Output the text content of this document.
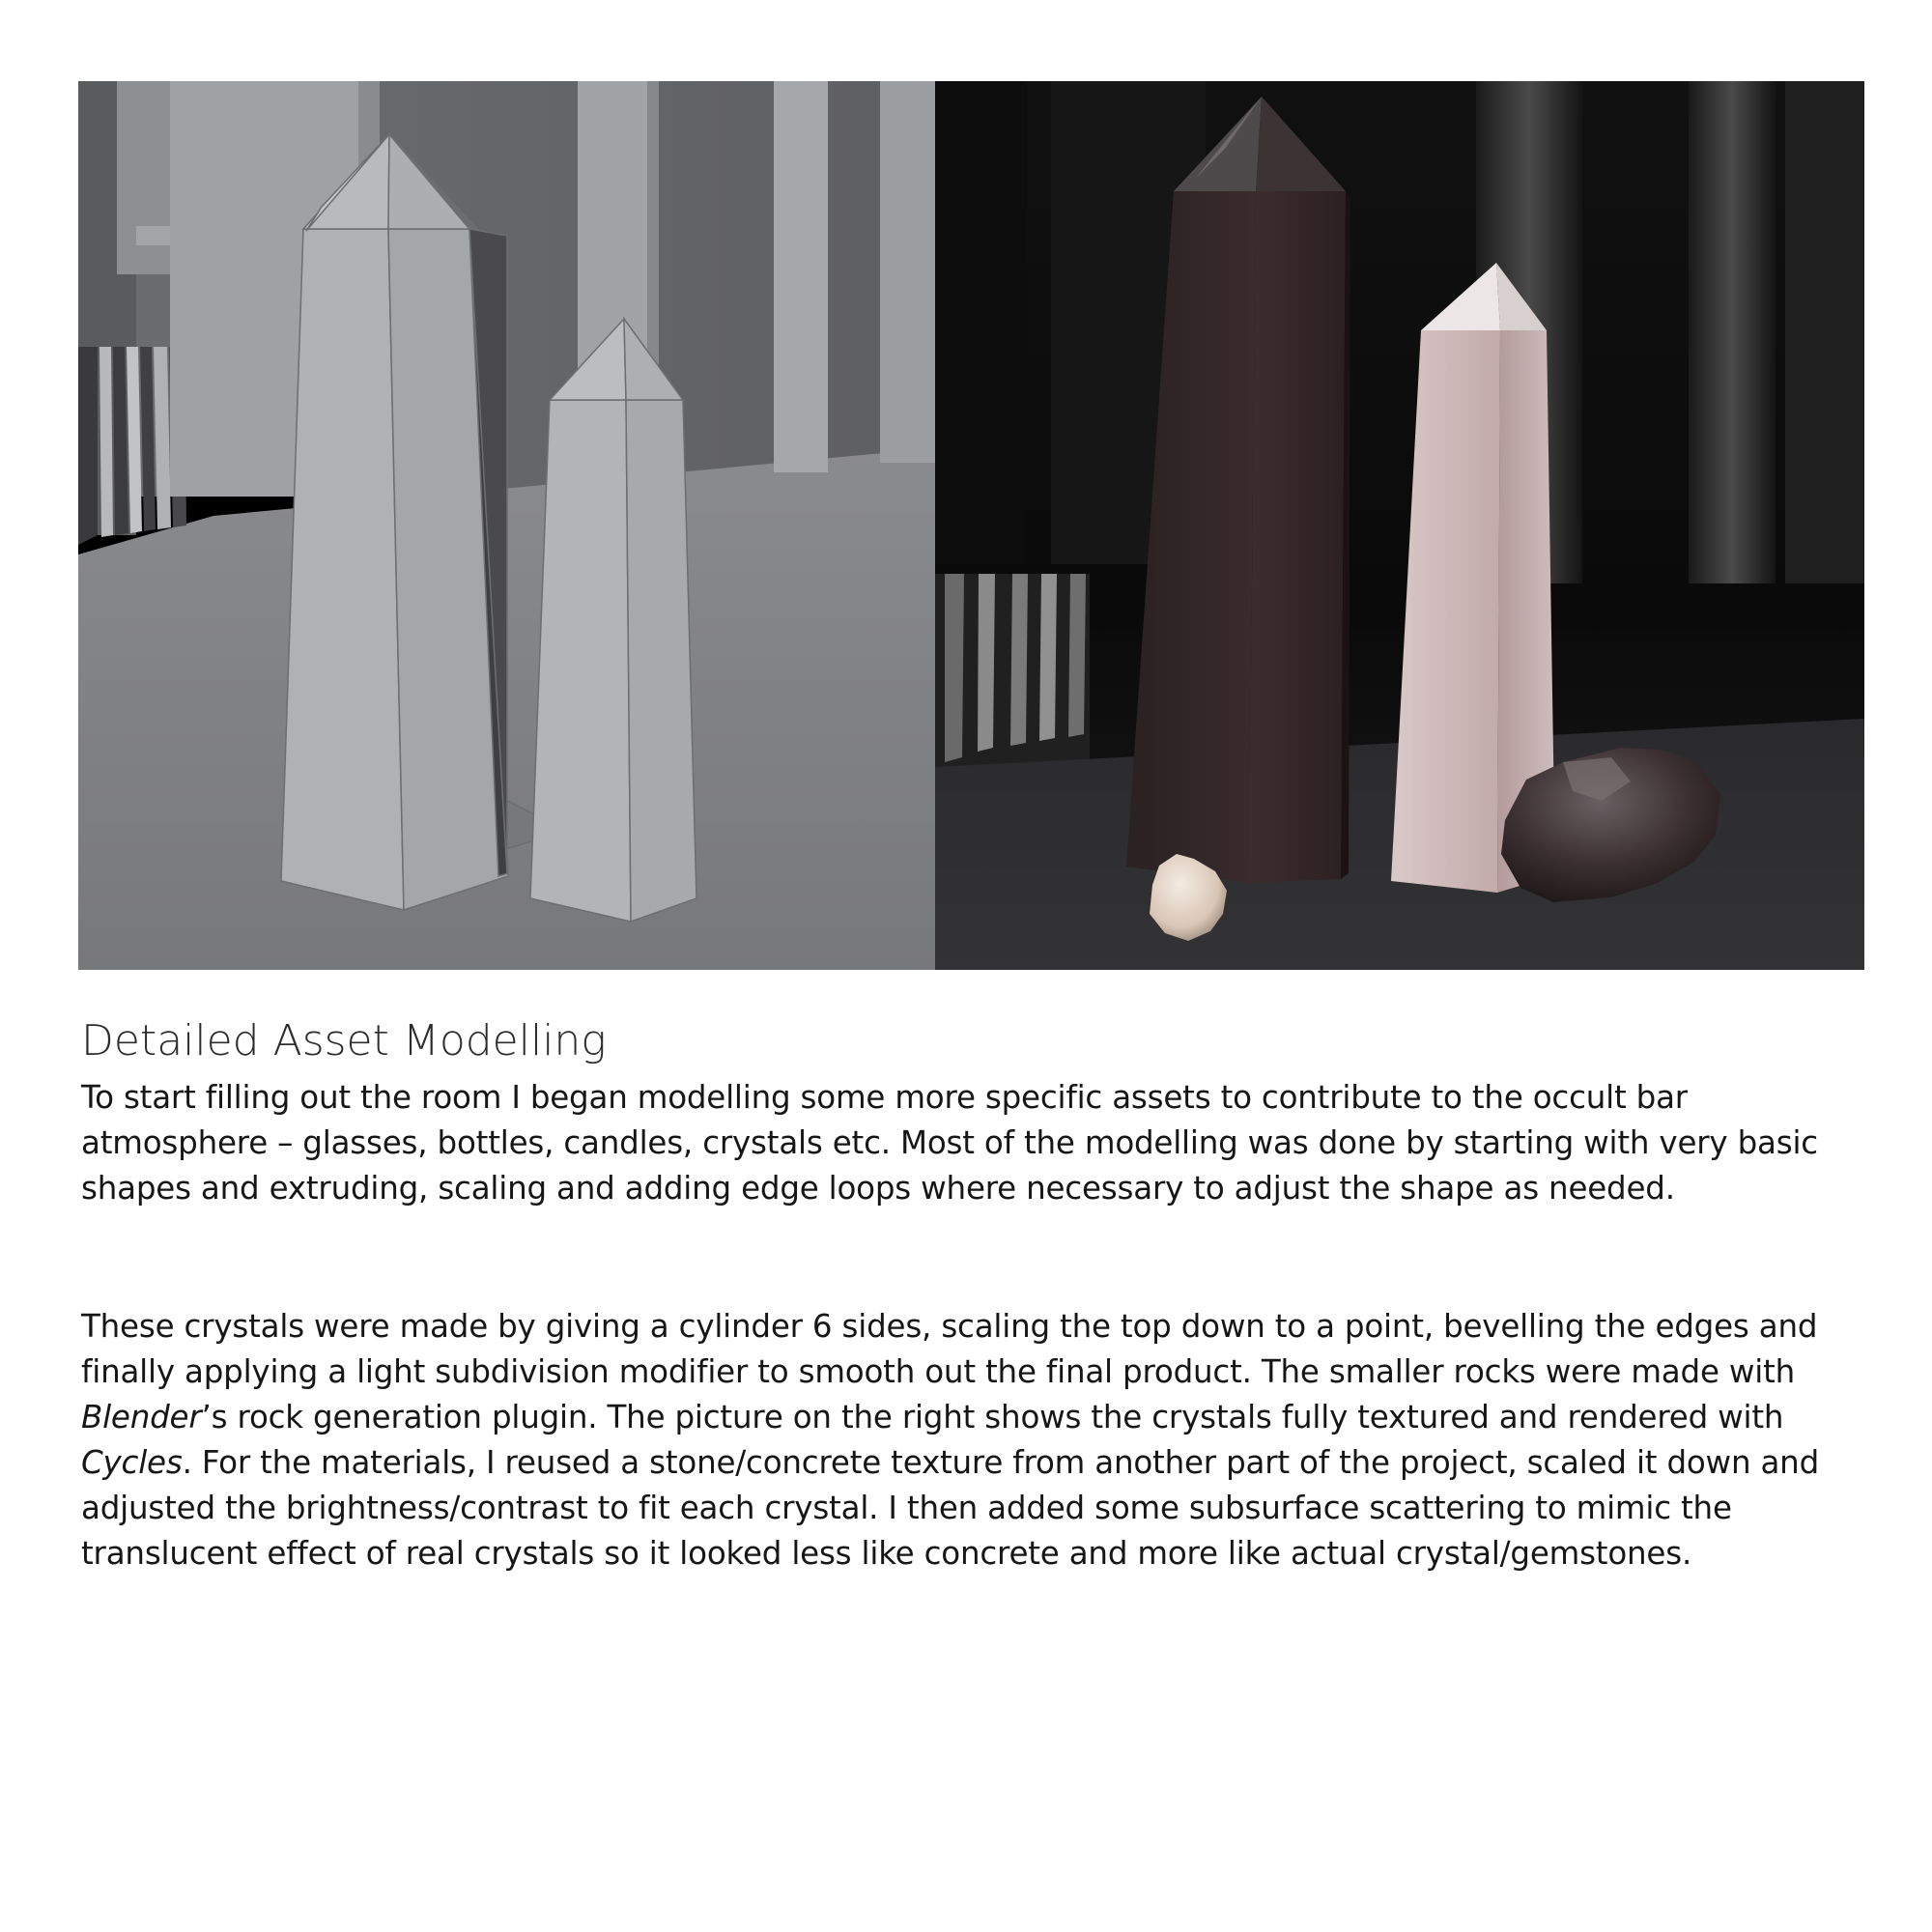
Detailed Asset Modelling

To start filling out the room I began modelling some more specific assets to contribute to the occult bar atmosphere – glasses, bottles, candles, crystals etc. Most of the modelling was done by starting with very basic shapes and extruding, scaling and adding edge loops where necessary to adjust the shape as needed.

These crystals were made by giving a cylinder 6 sides, scaling the top down to a point, bevelling the edges and finally applying a light subdivision modifier to smooth out the final product. The smaller rocks were made with Blender’s rock generation plugin. The picture on the right shows the crystals fully textured and rendered with Cycles. For the materials, I reused a stone/concrete texture from another part of the project, scaled it down and adjusted the brightness/contrast to fit each crystal. I then added some subsurface scattering to mimic the translucent effect of real crystals so it looked less like concrete and more like actual crystal/gemstones.
